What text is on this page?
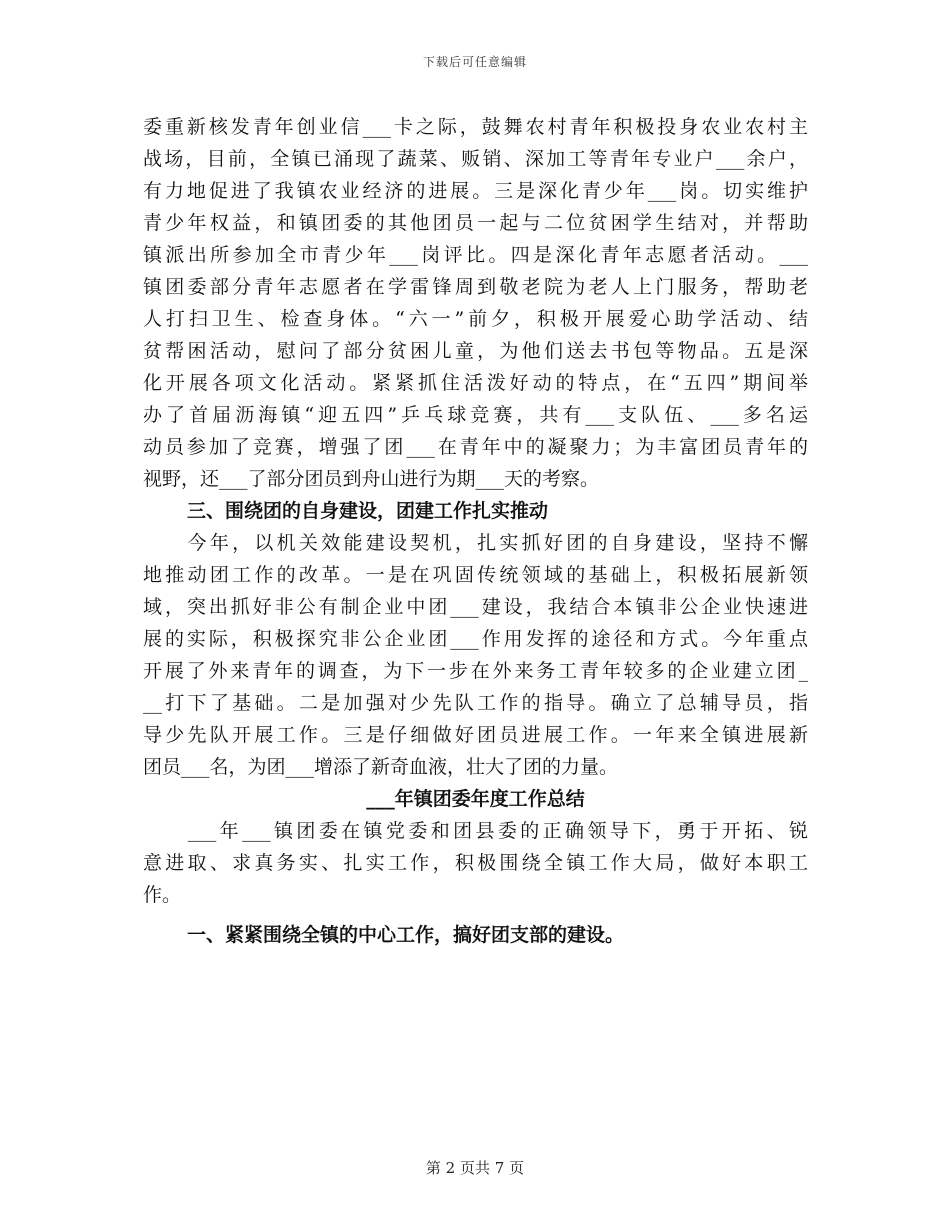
下载后可任意编辑
委重新核发青年创业信___卡之际，鼓舞农村青年积极投身农业农村主
战场，目前，全镇已涌现了蔬菜、贩销、深加工等青年专业户___余户，
有力地促进了我镇农业经济的进展。三是深化青少年___岗。切实维护
青少年权益，和镇团委的其他团员一起与二位贫困学生结对，并帮助
镇派出所参加全市青少年___岗评比。四是深化青年志愿者活动。___
镇团委部分青年志愿者在学雷锋周到敬老院为老人上门服务，帮助老
人打扫卫生、检查身体。“六一”前夕，积极开展爱心助学活动、结
贫帮困活动，慰问了部分贫困儿童，为他们送去书包等物品。五是深
化开展各项文化活动。紧紧抓住活泼好动的特点，在“五四”期间举
办了首届沥海镇“迎五四”乒乓球竞赛，共有___支队伍、___多名运
动员参加了竞赛，增强了团___在青年中的凝聚力；为丰富团员青年的
视野，还___了部分团员到舟山进行为期___天的考察。
三、围绕团的自身建设，团建工作扎实推动
　　今年，以机关效能建设契机，扎实抓好团的自身建设，坚持不懈
地推动团工作的改革。一是在巩固传统领域的基础上，积极拓展新领
域，突出抓好非公有制企业中团___建设，我结合本镇非公企业快速进
展的实际，积极探究非公企业团___作用发挥的途径和方式。今年重点
开展了外来青年的调查，为下一步在外来务工青年较多的企业建立团_
__打下了基础。二是加强对少先队工作的指导。确立了总辅导员，指
导少先队开展工作。三是仔细做好团员进展工作。一年来全镇进展新
团员___名，为团___增添了新奇血液，壮大了团的力量。
___年镇团委年度工作总结
　　___年___镇团委在镇党委和团县委的正确领导下，勇于开拓、锐
意进取、求真务实、扎实工作，积极围绕全镇工作大局，做好本职工
作。
一、紧紧围绕全镇的中心工作，搞好团支部的建设。
第 2 页共 7 页
